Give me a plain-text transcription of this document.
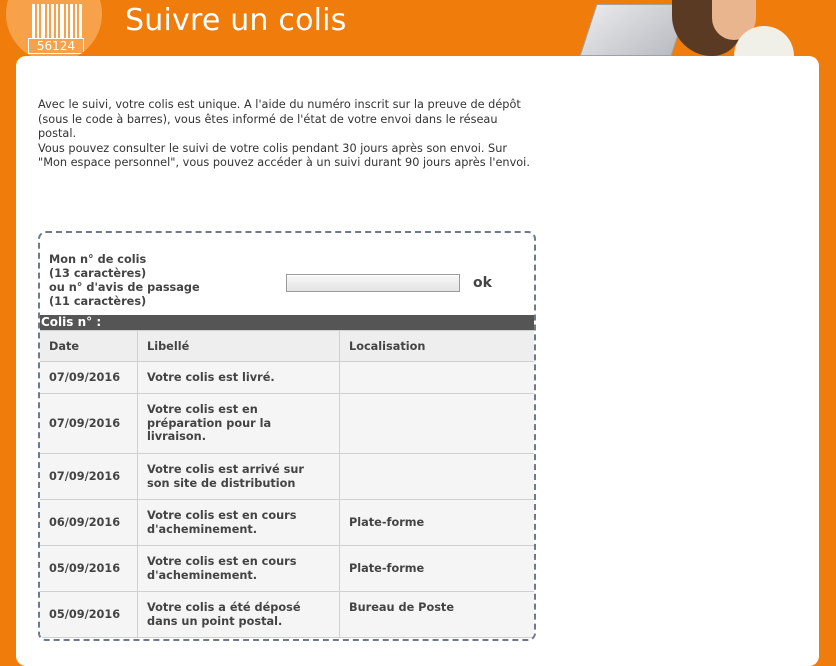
56124
Suivre un colis

Avec le suivi, votre colis est unique. A l'aide du numéro inscrit sur la preuve de dépôt (sous le code à barres), vous êtes informé de l'état de votre envoi dans le réseau postal.

Vous pouvez consulter le suivi de votre colis pendant 30 jours après son envoi. Sur "Mon espace personnel", vous pouvez accéder à un suivi durant 90 jours après l'envoi.

Mon n° de colis
(13 caractères)
ou n° d'avis de passage
(11 caractères)
ok
Colis n° :
Date	Libellé	Localisation
07/09/2016	Votre colis est livré.	
07/09/2016	Votre colis est en préparation pour la livraison.	
07/09/2016	Votre colis est arrivé sur son site de distribution	
06/09/2016	Votre colis est en cours d'acheminement.	Plate-forme
05/09/2016	Votre colis est en cours d'acheminement.	Plate-forme
05/09/2016	Votre colis a été déposé dans un point postal.	Bureau de Poste
